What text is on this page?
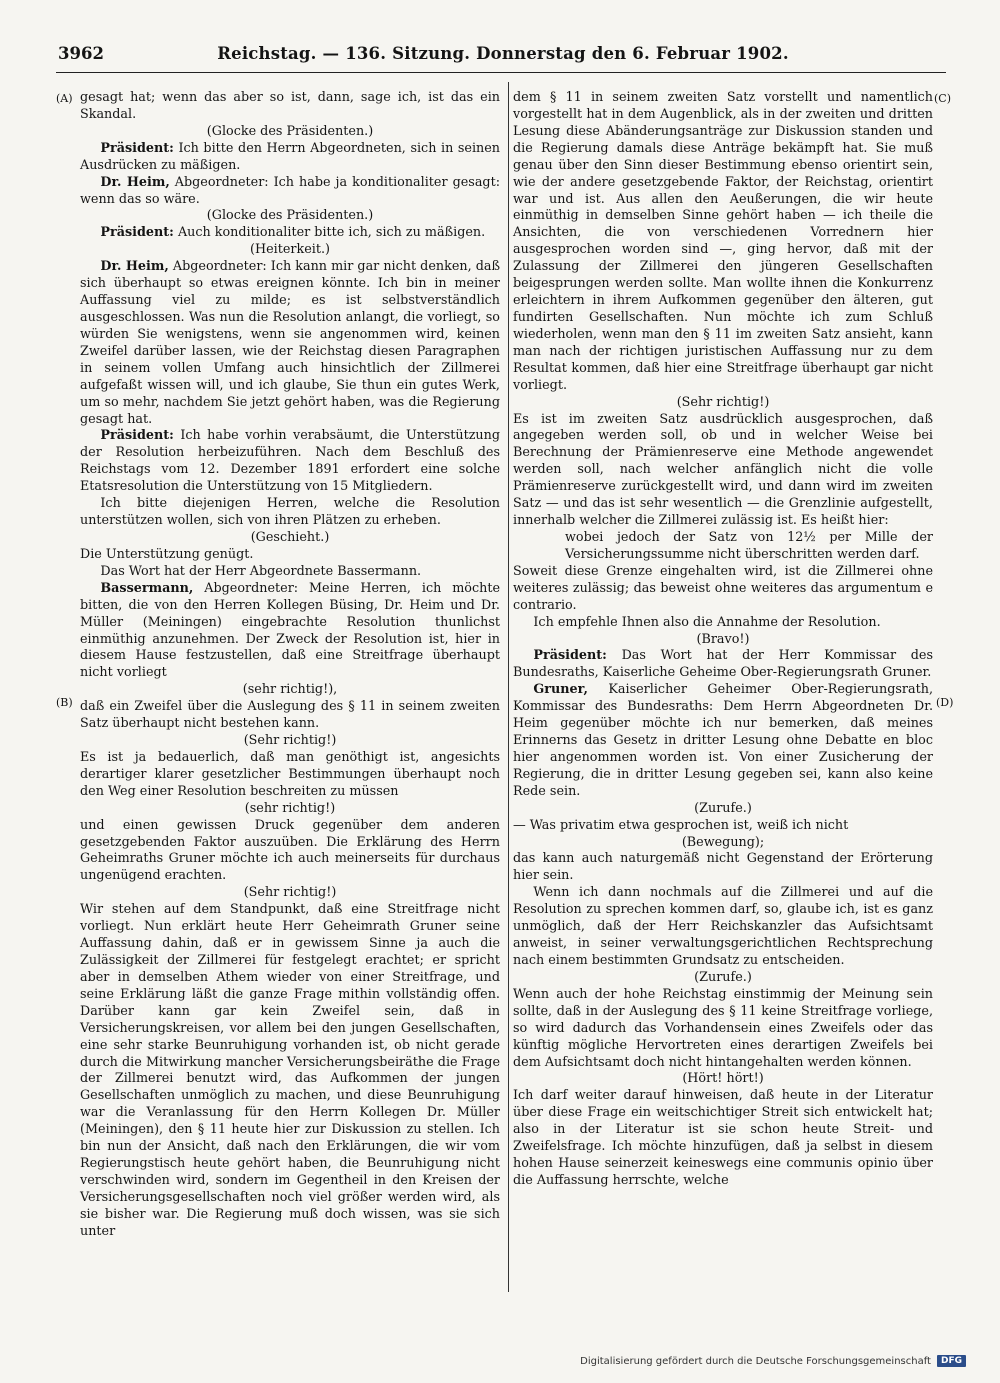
3962	Reichstag. — 136. Sitzung. Donnerstag den 6. Februar 1902.
(A)
(B)
(C)
(D)

gesagt hat; wenn das aber so ist, dann, sage ich, ist das ein Skandal.

(Glocke des Präsidenten.)

Präsident: Ich bitte den Herrn Abgeordneten, sich in seinen Ausdrücken zu mäßigen.

Dr. Heim, Abgeordneter: Ich habe ja konditionaliter gesagt: wenn das so wäre.

(Glocke des Präsidenten.)

Präsident: Auch konditionaliter bitte ich, sich zu mäßigen.

(Heiterkeit.)

Dr. Heim, Abgeordneter: Ich kann mir gar nicht denken, daß sich überhaupt so etwas ereignen könnte. Ich bin in meiner Auffassung viel zu milde; es ist selbstverständlich ausgeschlossen. Was nun die Resolution anlangt, die vorliegt, so würden Sie wenigstens, wenn sie angenommen wird, keinen Zweifel darüber lassen, wie der Reichstag diesen Paragraphen in seinem vollen Umfang auch hinsichtlich der Zillmerei aufgefaßt wissen will, und ich glaube, Sie thun ein gutes Werk, um so mehr, nachdem Sie jetzt gehört haben, was die Regierung gesagt hat.

Präsident: Ich habe vorhin verabsäumt, die Unterstützung der Resolution herbeizuführen. Nach dem Beschluß des Reichstags vom 12. Dezember 1891 erfordert eine solche Etatsresolution die Unterstützung von 15 Mitgliedern.

Ich bitte diejenigen Herren, welche die Resolution unterstützen wollen, sich von ihren Plätzen zu erheben.

(Geschieht.)

Die Unterstützung genügt.

Das Wort hat der Herr Abgeordnete Bassermann.

Bassermann, Abgeordneter: Meine Herren, ich möchte bitten, die von den Herren Kollegen Büsing, Dr. Heim und Dr. Müller (Meiningen) eingebrachte Resolution thunlichst einmüthig anzunehmen. Der Zweck der Resolution ist, hier in diesem Hause festzustellen, daß eine Streitfrage überhaupt nicht vorliegt

(sehr richtig!),

daß ein Zweifel über die Auslegung des § 11 in seinem zweiten Satz überhaupt nicht bestehen kann.

(Sehr richtig!)

Es ist ja bedauerlich, daß man genöthigt ist, angesichts derartiger klarer gesetzlicher Bestimmungen überhaupt noch den Weg einer Resolution beschreiten zu müssen

(sehr richtig!)

und einen gewissen Druck gegenüber dem anderen gesetzgebenden Faktor auszuüben. Die Erklärung des Herrn Geheimraths Gruner möchte ich auch meinerseits für durchaus ungenügend erachten.

(Sehr richtig!)

Wir stehen auf dem Standpunkt, daß eine Streitfrage nicht vorliegt. Nun erklärt heute Herr Geheimrath Gruner seine Auffassung dahin, daß er in gewissem Sinne ja auch die Zulässigkeit der Zillmerei für festgelegt erachtet; er spricht aber in demselben Athem wieder von einer Streitfrage, und seine Erklärung läßt die ganze Frage mithin vollständig offen. Darüber kann gar kein Zweifel sein, daß in Versicherungskreisen, vor allem bei den jungen Gesellschaften, eine sehr starke Beunruhigung vorhanden ist, ob nicht gerade durch die Mitwirkung mancher Versicherungsbeiräthe die Frage der Zillmerei benutzt wird, das Aufkommen der jungen Gesellschaften unmöglich zu machen, und diese Beunruhigung war die Veranlassung für den Herrn Kollegen Dr. Müller (Meiningen), den § 11 heute hier zur Diskussion zu stellen. Ich bin nun der Ansicht, daß nach den Erklärungen, die wir vom Regierungstisch heute gehört haben, die Beunruhigung nicht verschwinden wird, sondern im Gegentheil in den Kreisen der Versicherungsgesellschaften noch viel größer werden wird, als sie bisher war. Die Regierung muß doch wissen, was sie sich unter

dem § 11 in seinem zweiten Satz vorstellt und namentlich vorgestellt hat in dem Augenblick, als in der zweiten und dritten Lesung diese Abänderungsanträge zur Diskussion standen und die Regierung damals diese Anträge bekämpft hat. Sie muß genau über den Sinn dieser Bestimmung ebenso orientirt sein, wie der andere gesetzgebende Faktor, der Reichstag, orientirt war und ist. Aus allen den Aeußerungen, die wir heute einmüthig in demselben Sinne gehört haben — ich theile die Ansichten, die von verschiedenen Vorrednern hier ausgesprochen worden sind —, ging hervor, daß mit der Zulassung der Zillmerei den jüngeren Gesellschaften beigesprungen werden sollte. Man wollte ihnen die Konkurrenz erleichtern in ihrem Aufkommen gegenüber den älteren, gut fundirten Gesellschaften. Nun möchte ich zum Schluß wiederholen, wenn man den § 11 im zweiten Satz ansieht, kann man nach der richtigen juristischen Auffassung nur zu dem Resultat kommen, daß hier eine Streitfrage überhaupt gar nicht vorliegt.

(Sehr richtig!)

Es ist im zweiten Satz ausdrücklich ausgesprochen, daß angegeben werden soll, ob und in welcher Weise bei Berechnung der Prämienreserve eine Methode angewendet werden soll, nach welcher anfänglich nicht die volle Prämienreserve zurückgestellt wird, und dann wird im zweiten Satz — und das ist sehr wesentlich — die Grenzlinie aufgestellt, innerhalb welcher die Zillmerei zulässig ist. Es heißt hier:

wobei jedoch der Satz von 12½ per Mille der Versicherungssumme nicht überschritten werden darf.

Soweit diese Grenze eingehalten wird, ist die Zillmerei ohne weiteres zulässig; das beweist ohne weiteres das argumentum e contrario.

Ich empfehle Ihnen also die Annahme der Resolution.

(Bravo!)

Präsident: Das Wort hat der Herr Kommissar des Bundesraths, Kaiserliche Geheime Ober-Regierungsrath Gruner.

Gruner, Kaiserlicher Geheimer Ober-Regierungsrath, Kommissar des Bundesraths: Dem Herrn Abgeordneten Dr. Heim gegenüber möchte ich nur bemerken, daß meines Erinnerns das Gesetz in dritter Lesung ohne Debatte en bloc hier angenommen worden ist. Von einer Zusicherung der Regierung, die in dritter Lesung gegeben sei, kann also keine Rede sein.

(Zurufe.)

— Was privatim etwa gesprochen ist, weiß ich nicht

(Bewegung);

das kann auch naturgemäß nicht Gegenstand der Erörterung hier sein.

Wenn ich dann nochmals auf die Zillmerei und auf die Resolution zu sprechen kommen darf, so, glaube ich, ist es ganz unmöglich, daß der Herr Reichskanzler das Aufsichtsamt anweist, in seiner verwaltungsgerichtlichen Rechtsprechung nach einem bestimmten Grundsatz zu entscheiden.

(Zurufe.)

Wenn auch der hohe Reichstag einstimmig der Meinung sein sollte, daß in der Auslegung des § 11 keine Streitfrage vorliege, so wird dadurch das Vorhandensein eines Zweifels oder das künftig mögliche Hervortreten eines derartigen Zweifels bei dem Aufsichtsamt doch nicht hintangehalten werden können.

(Hört! hört!)

Ich darf weiter darauf hinweisen, daß heute in der Literatur über diese Frage ein weitschichtiger Streit sich entwickelt hat; also in der Literatur ist sie schon heute Streit- und Zweifelsfrage. Ich möchte hinzufügen, daß ja selbst in diesem hohen Hause seinerzeit keineswegs eine communis opinio über die Auffassung herrschte, welche

Digitalisierung gefördert durch die Deutsche Forschungsgemeinschaft	DFG
